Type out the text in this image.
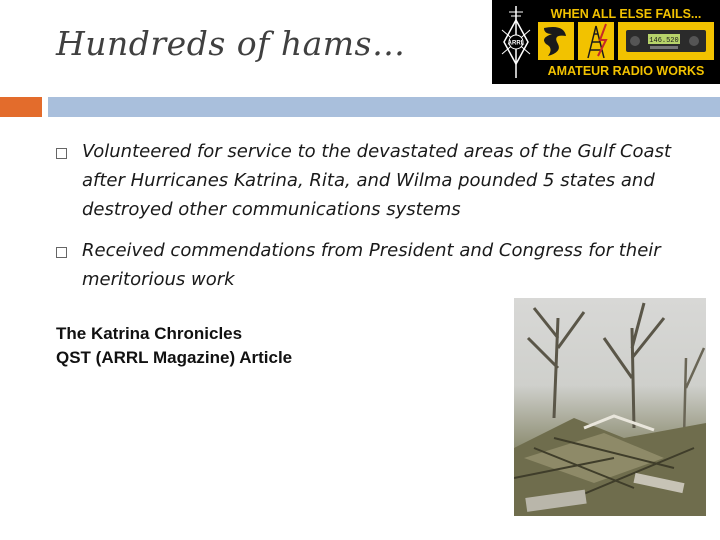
Hundreds of hams…	ARRL	146.520
WHEN ALL ELSE FAILS...
AMATEUR RADIO WORKS
Volunteered for service to the devastated areas of the Gulf Coast after Hurricanes Katrina, Rita, and Wilma pounded 5 states and destroyed other communications systems
Received commendations from President and Congress for their meritorious work
The Katrina Chronicles
QST (ARRL Magazine) Article
